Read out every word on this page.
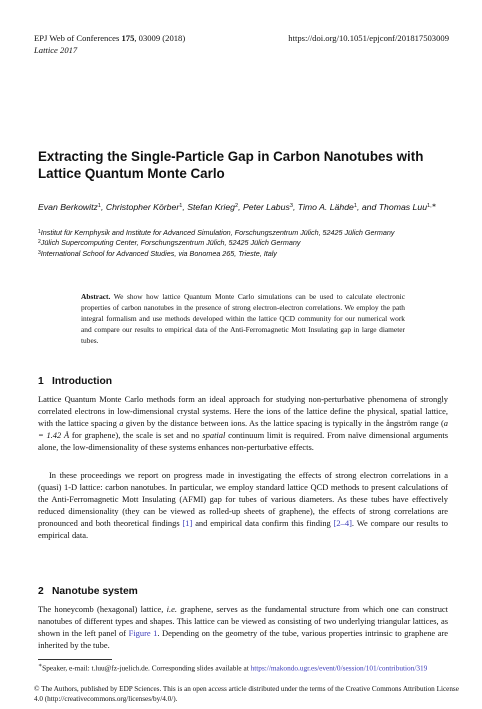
EPJ Web of Conferences 175, 03009 (2018)
Lattice 2017
https://doi.org/10.1051/epjconf/201817503009
Extracting the Single-Particle Gap in Carbon Nanotubes with Lattice Quantum Monte Carlo
Evan Berkowitz$^1$, Christopher Körber$^1$, Stefan Krieg$^2$, Peter Labus$^3$, Timo A. Lähde$^1$, and Thomas Luu$^{1,∗}$
$^1$Institut für Kernphysik and Institute for Advanced Simulation, Forschungszentrum Jülich, 52425 Jülich Germany
$^2$Jülich Supercomputing Center, Forschungszentrum Jülich, 52425 Jülich Germany
$^3$International School for Advanced Studies, via Bonomea 265, Trieste, Italy
Abstract. We show how lattice Quantum Monte Carlo simulations can be used to calculate electronic properties of carbon nanotubes in the presence of strong electron-electron correlations. We employ the path integral formalism and use methods developed within the lattice QCD community for our numerical work and compare our results to empirical data of the Anti-Ferromagnetic Mott Insulating gap in large diameter tubes.
1 Introduction
Lattice Quantum Monte Carlo methods form an ideal approach for studying non-perturbative phenomena of strongly correlated electrons in low-dimensional crystal systems. Here the ions of the lattice define the physical, spatial lattice, with the lattice spacing a given by the distance between ions. As the lattice spacing is typically in the ångström range (a = 1.42 Å for graphene), the scale is set and no spatial continuum limit is required. From naïve dimensional arguments alone, the low-dimensionality of these systems enhances non-perturbative effects.
In these proceedings we report on progress made in investigating the effects of strong electron correlations in a (quasi) 1-D lattice: carbon nanotubes. In particular, we employ standard lattice QCD methods to present calculations of the Anti-Ferromagnetic Mott Insulating (AFMI) gap for tubes of various diameters. As these tubes have effectively reduced dimensionality (they can be viewed as rolled-up sheets of graphene), the effects of strong correlations are pronounced and both theoretical findings [1] and empirical data confirm this finding [2–4]. We compare our results to empirical data.
2 Nanotube system
The honeycomb (hexagonal) lattice, i.e. graphene, serves as the fundamental structure from which one can construct nanotubes of different types and shapes. This lattice can be viewed as consisting of two underlying triangular lattices, as shown in the left panel of Figure 1. Depending on the geometry of the tube, various properties intrinsic to graphene are inherited by the tube.
∗Speaker, e-mail: t.luu@fz-juelich.de. Corresponding slides available at https://makondo.ugr.es/event/0/session/101/contribution/319
© The Authors, published by EDP Sciences. This is an open access article distributed under the terms of the Creative Commons Attribution License 4.0 (http://creativecommons.org/licenses/by/4.0/).
